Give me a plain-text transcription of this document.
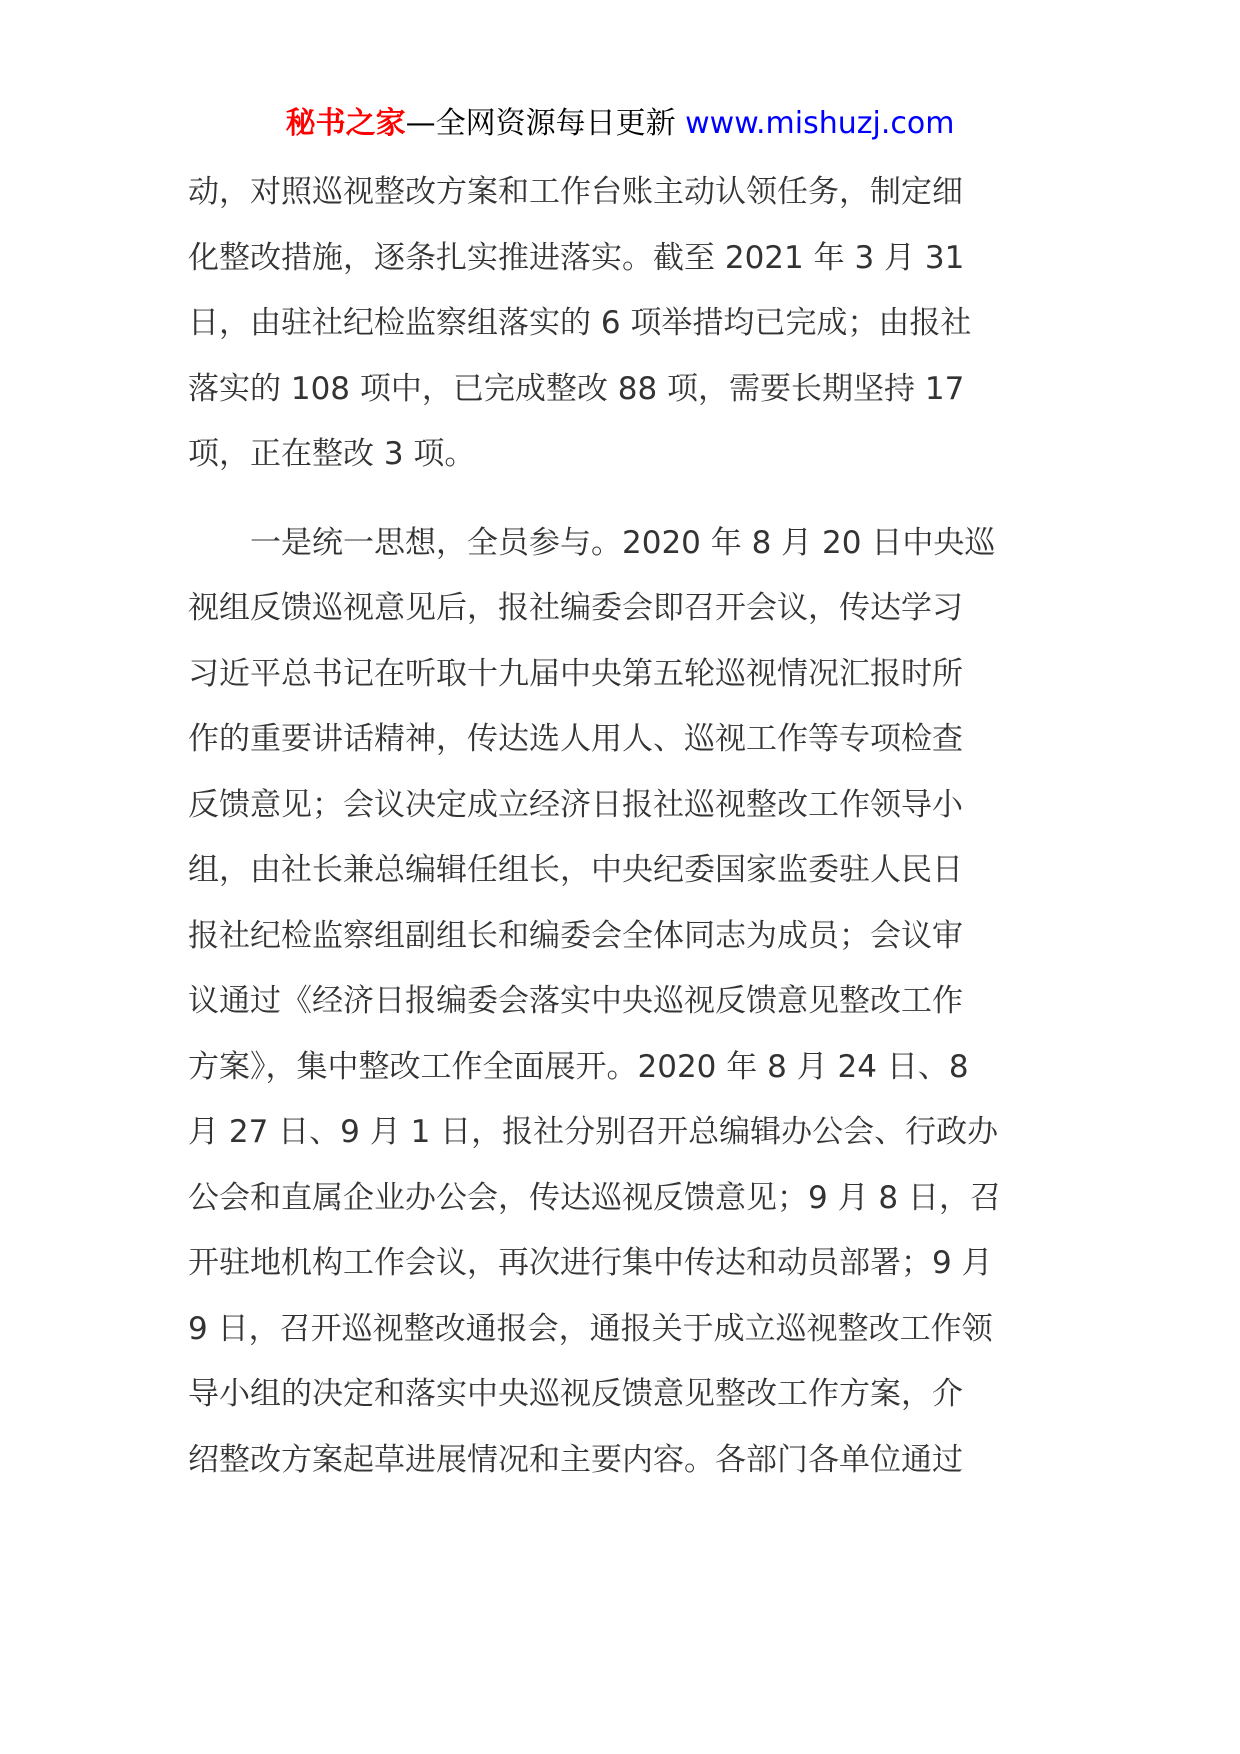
秘书之家—全网资源每日更新 www.mishuzj.com
动，对照巡视整改方案和工作台账主动认领任务，制定细
化整改措施，逐条扎实推进落实。截至 2021 年 3 月 31
日，由驻社纪检监察组落实的 6 项举措均已完成；由报社
落实的 108 项中，已完成整改 88 项，需要长期坚持 17
项，正在整改 3 项。
　　一是统一思想，全员参与。2020 年 8 月 20 日中央巡
视组反馈巡视意见后，报社编委会即召开会议，传达学习
习近平总书记在听取十九届中央第五轮巡视情况汇报时所
作的重要讲话精神，传达选人用人、巡视工作等专项检查
反馈意见；会议决定成立经济日报社巡视整改工作领导小
组，由社长兼总编辑任组长，中央纪委国家监委驻人民日
报社纪检监察组副组长和编委会全体同志为成员；会议审
议通过《经济日报编委会落实中央巡视反馈意见整改工作
方案》，集中整改工作全面展开。2020 年 8 月 24 日、8
月 27 日、9 月 1 日，报社分别召开总编辑办公会、行政办
公会和直属企业办公会，传达巡视反馈意见；9 月 8 日，召
开驻地机构工作会议，再次进行集中传达和动员部署；9 月
9 日，召开巡视整改通报会，通报关于成立巡视整改工作领
导小组的决定和落实中央巡视反馈意见整改工作方案，介
绍整改方案起草进展情况和主要内容。各部门各单位通过
